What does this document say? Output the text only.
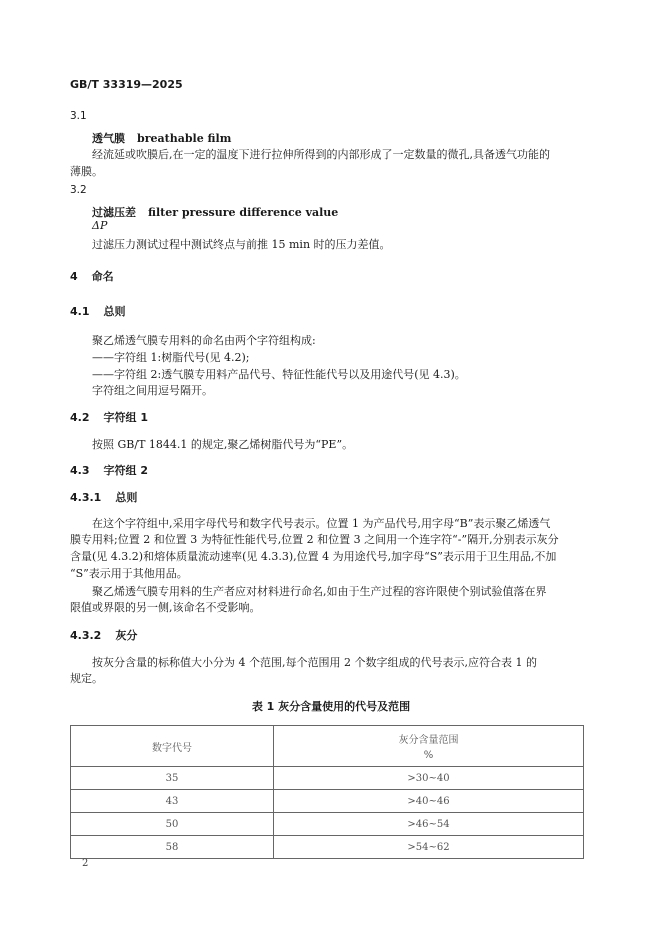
GB/T 33319—2025
3.1
透气膜 breathable film
经流延或吹膜后,在一定的温度下进行拉伸所得到的内部形成了一定数量的微孔,具备透气功能的
薄膜。
3.2
过滤压差 filter pressure difference value
ΔP
过滤压力测试过程中测试终点与前推 15 min 时的压力差值。
4 命名
4.1 总则
聚乙烯透气膜专用料的命名由两个字符组构成:
——字符组 1:树脂代号(见 4.2);
——字符组 2:透气膜专用料产品代号、特征性能代号以及用途代号(见 4.3)。
字符组之间用逗号隔开。
4.2 字符组 1
按照 GB/T 1844.1 的规定,聚乙烯树脂代号为“PE”。
4.3 字符组 2
4.3.1 总则
在这个字符组中,采用字母代号和数字代号表示。位置 1 为产品代号,用字母“B”表示聚乙烯透气
膜专用料;位置 2 和位置 3 为特征性能代号,位置 2 和位置 3 之间用一个连字符“-”隔开,分别表示灰分
含量(见 4.3.2)和熔体质量流动速率(见 4.3.3),位置 4 为用途代号,加字母“S”表示用于卫生用品,不加
“S”表示用于其他用品。
聚乙烯透气膜专用料的生产者应对材料进行命名,如由于生产过程的容许限使个别试验值落在界
限值或界限的另一侧,该命名不受影响。
4.3.2 灰分
按灰分含量的标称值大小分为 4 个范围,每个范围用 2 个数字组成的代号表示,应符合表 1 的
规定。
表 1 灰分含量使用的代号及范围
数字代号	灰分含量范围
%

35	>30~40
43	>40~46
50	>46~54
58	>54~62
2
